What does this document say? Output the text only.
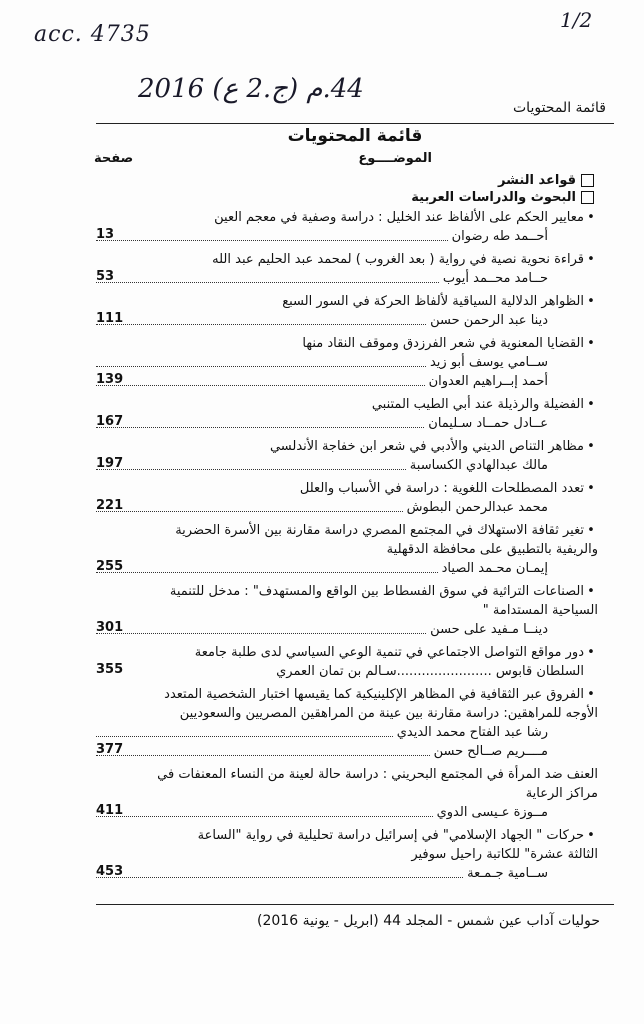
acc. 4735
1/2
2016 (ج.2 ع) 44.م
قائمة المحتويات
قائمة المحتويات
الموضــــوع
صفحة
قواعد النشر
البحوث والدراسات العربية
•معايير الحكم على الألفاظ عند الخليل : دراسة وصفية في معجم العين
أحــمد طه رضوان
13
•قراءة نحوية نصية في رواية ( بعد الغروب ) لمحمد عبد الحليم عبد الله
حــامد محــمد أيوب
53
•الظواهر الدلالية السياقية لألفاظ الحركة في السور السبع
دينا عبد الرحمن حسن
111
•القضايا المعنوية في شعر الفرزدق وموقف النقاد منها
ســامي يوسف أبو زيد
أحمد إبــراهيم العدوان
139
•الفضيلة والرذيلة عند أبي الطيب المتنبي
عــادل حمــاد سـليمان
167
•مظاهر التناص الديني والأدبي في شعر ابن خفاجة الأندلسي
مالك عبدالهادي الكساسبة
197
•تعدد المصطلحات اللغوية : دراسة في الأسباب والعلل
محمد عبدالرحمن البطوش
221
•تغير ثقافة الاستهلاك في المجتمع المصري دراسة مقارنة بين الأسرة الحضرية
والريفية بالتطبيق على محافظة الدقهلية
إيمـان محـمد الصياد
255
•الصناعات التراثية في سوق الفسطاط بين الواقع والمستهدف" : مدخل للتنمية
السياحية المستدامة "
دينــا مـفيد على حسن
301
•دور مواقع التواصل الاجتماعي في تنمية الوعي السياسي لدى طلبة جامعة
السلطان قابوس .......................سـالم بن تمان العمري
355
•الفروق عبر الثقافية في المظاهر الإكلينيكية كما يقيسها اختبار الشخصية المتعدد
الأوجه للمراهقين: دراسة مقارنة بين عينة من المراهقين المصريين والسعوديين
رشا عبد الفتاح محمد الديدي
مــــريم صــالح حسن
377
العنف ضد المرأة في المجتمع البحريني : دراسة حالة لعينة من النساء المعنفات في
مراكز الرعاية
مــوزة عـيسى الدوي
411
•حركات " الجهاد الإسلامي" في إسرائيل دراسة تحليلية في رواية "الساعة
الثالثة عشرة" للكاتبة راحيل سوفير
ســامية جـمـعة
453
حوليات آداب عين شمس - المجلد 44 (ابريل - يونية 2016)
